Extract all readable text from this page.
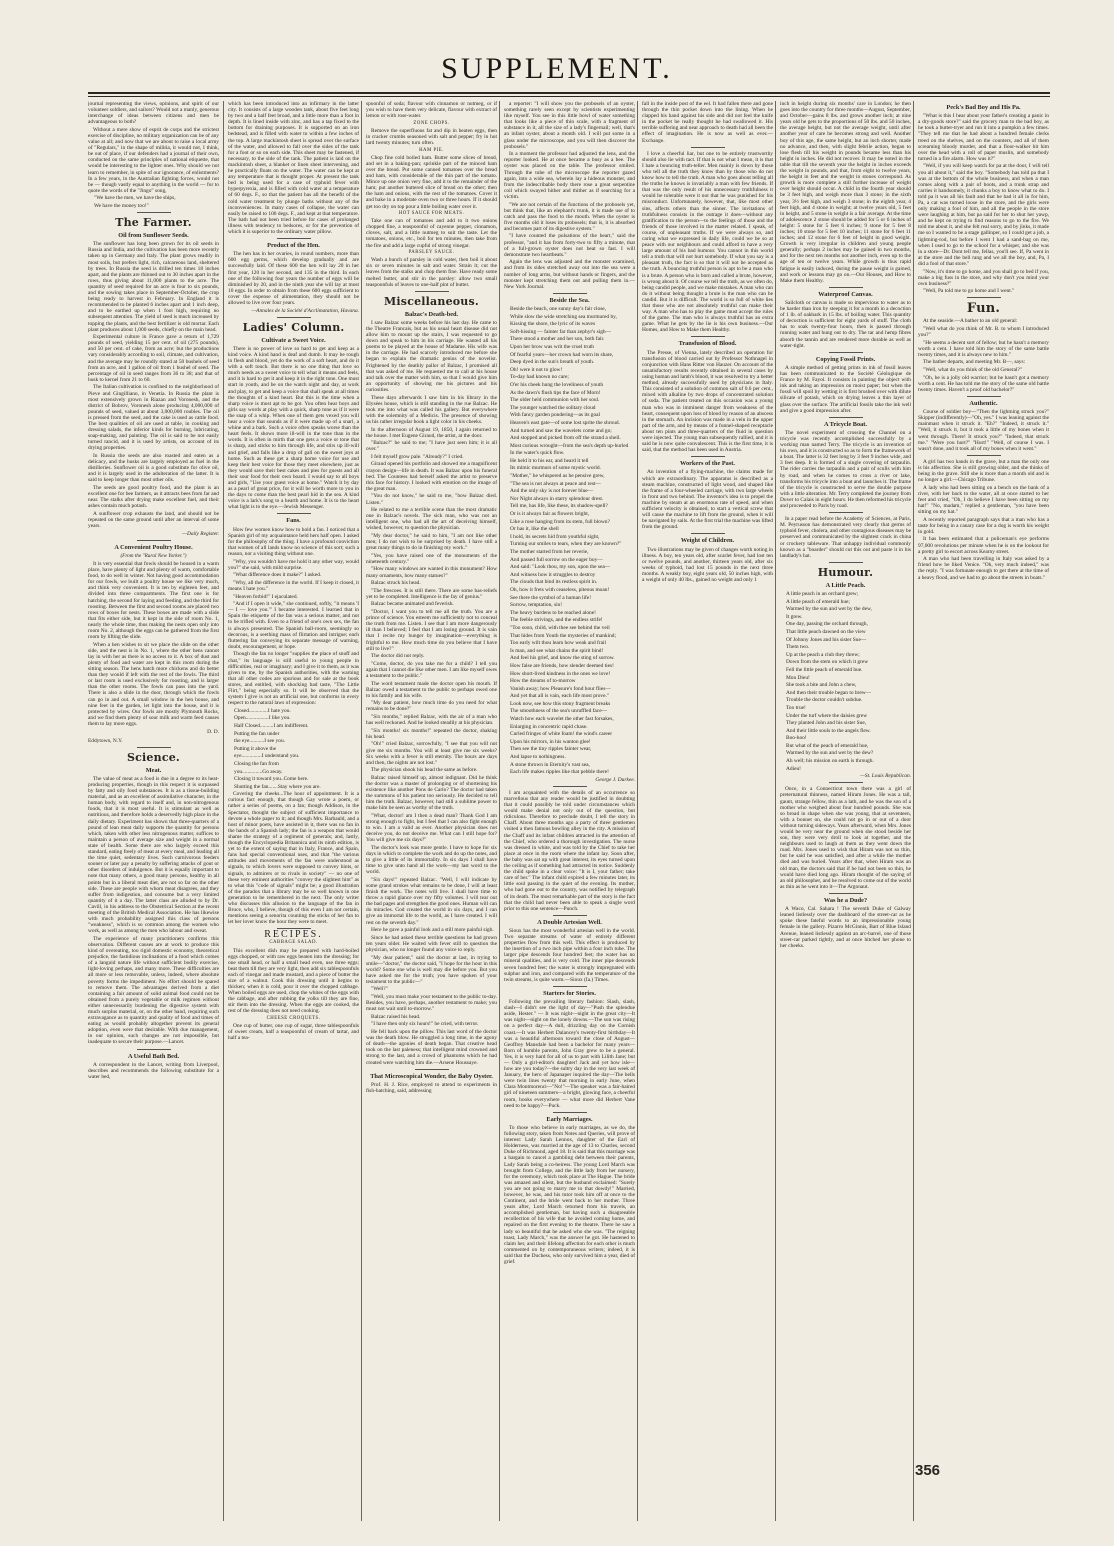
SUPPLEMENT.

journal representing the views, opinions, and spirit of our volunteer soldiers, and sailors? Would not a manly, generous interchange of ideas between citizens and men be advantageous to both?

Without a mere show of esprit de corps and the strictest exercise of discipline, no military organization can be of any value at all; and now that we are about to raise a local army of "Regulars," in the shape of militia, it would not, I think, be out of place, if our defenders had a journal of their own, conducted on the same principles of national etiquette, that would be interesting to the lighter ones. Why should we not learn to remember, in spite of our ignorance, of enlistments? In a few years, in the Australian fighting forces, would not be — though vastly equal to anything in the world — for to quote the words of the "Jingo" song,

"We have the men, we have the ships,

We have the money too!"

The Farmer.
Oil from Sunflower Seeds.

The sunflower has long been grown for its oil seeds in Russia and India, and the cultivation has been more recently taken up in Germany and Italy. The plant grows readily in most soils, but prefers light, rich, calcareous land, sheltered by trees. In Russia the seed is drilled ten times 18 inches apart, and the plants are thinned out to 30 inches apart in the rows, thus giving about 11,000 plants to the acre. The quantity of seed required for an acre is four to six pounds, and the sowing takes place in September-October, the crop being ready to harvest in February. In England it is recommended to be planted 6 inches apart and 1 inch deep, and to be earthed up when 1 foot high, requiring no subsequent attention. The yield of seed is much increased by topping the plants, and the best fertilizer is old mortar. Each plant produces about 1,000 seeds, chiefly on the main head.

Experimental culture in France gave a return of 1,729 pounds of seed, yielding 15 per cent. of oil (275 pounds), and 50 per cent. of cake, from an acre; but the productions vary considerably according to soil, climate, and cultivation, and the average may be roundly stated at 50 bushels of seed from an acre, and 1 gallon of oil from 1 bushel of seed. The percentage of oil in seed ranges from 36 to 38; and that of husk to kernel from 21 to 60.

The Italian cultivation is confined to the neighborhood of Pieve and Gingilliano, in Venetia. In Russia the plant is most extensively grown in Riazan and Voronesh, and the district of Bobrov, Voronesh alone producing 4,000,000 of pounds of seed, valued at about 3,000,000 roubles. The oil is pressed from the seed, and the cake is used as cattle food. The best qualities of oil are used at table, in cooking and dressing salads, the inferior kinds for burning, lubricating, soap-making, and painting. The oil is said to be not easily turned rancid, and it is used by artists, on account of its drying properties.

In Russia the seeds are also roasted and eaten as a delicacy, and the husks are largely employed as fuel in the distilleries. Sunflower oil is a good substitute for olive oil, and it is largely used in the adulteration of the latter. It is said to keep longer than most other oils.

The seeds are good poultry food, and the plant is an excellent one for bee farmers, as it attracts bees from far and near. The stalks after drying make excellent fuel, and their ashes contain much potash.

A sunflower crop exhausts the land, and should not be repeated on the same ground until after an interval of some years.

—Daily Register.

A Convenient Poultry House.
(From the "Rural New Yorker.")

It is very essential that fowls should be housed in a warm place, have plenty of light and plenty of warm, comfortable food, to do well in winter. Not having good accommodation for our fowls, we built a poultry house we like very much, and think very convenient. It is ten by eighteen feet, and divided into three compartments. The first one is for hatching, the second for laying and feeding, and the third for roosting. Between the first and second rooms are placed two rows of boxes for nests. These boxes are made with a slide that fits either side, but it kept in the side of room No. 1, nearly the whole time, thus making the nests open only into room No. 2, although the eggs can be gathered from the first room by lifting the slide.

When a hen wishes to sit we place the slide on the other side, and the nest is in No. 1, where the other hens cannot lay in with her as there is no access to it. A box of dust and plenty of food and water are kept in this room during the sitting season. The hens hatch more chickens and do better than they would if left with the rest of the fowls. The third or last room is used exclusively for roosting, and is larger than the other rooms. The fowls can pass into the yard. There is also a slide in the door, through which the fowls can go in and out. A small window in the hen house, and nine feet in the garden, let light into the house, and it is protected by wires. Our fowls are mostly Plymouth Rocks, and we find them plenty of sour milk and warm feed causes them to lay more eggs.

D. D.

Eddytown, N.Y.

Science.
Meat.

The value of meat as a food is due in a degree to its heat-producing properties, though in this respect it is surpassed by fatty and oily food substances. It is as a tissue-building material, and as an excellent of assimilative character, in the human body, with regard to itself and, in non-nitrogenous foods, that it is most useful. It is stimulant as well as nutritious, and therefore holds a deservedly high place in the daily dietary. Experiment has shown that three-quarters of a pound of lean meat daily supports the quantity for persons which, taken with other less nitrogenous matter, suffices to maintain a person of average size and weight in a normal state of health. Some there are who largely exceed this standard, eating freely of meat at every meal, and leading all the time quiet, sedentary lives. Such carnivorous feeders sooner or later pay a penalty by suffering attacks of gout or other disorders of indulgence. But it is equally important to note that many others, a good many persons, healthy in all points but in a liberal meat diet, are not so far on the other side. These are people with whom meat disagrees, and they suffer from indigestion, and consume but a very limited quantity of it a day. The latter class are alluded to by Dr. Cavill, in his address to the Obstetrical Section at the recent meeting of the British Medical Association. He has likewise with much probability assigned this class of persons "weakness", which is so common among the women who work, as well as among the men who labour and sweat.

The experience of many practitioners confirms this observation. Different causes are at work to produce this kind of overeating, too rigid domestic economy, theoretical prejudice, the fastidious inclinations of a food which comes of a languid nature life without sufficient bodily exercise, light-loving perhaps, and many more. These difficulties are all more or less removable, unless, indeed, where absolute poverty forms the impediment. No effort should be spared to remove them. The advantages derived from a diet containing a fair amount of solid animal food could not be obtained from a purely vegetable or milk regimen without either unnecessarily burdening the digestive system with much surplus material, or, on the other hand, requiring such extravagance as to quantity and quality of food and times of eating as would probably altogether prevent its general adoption, even were that desirable. With due management, in our opinion, such changes are not impossible, but inadequate to secure their purpose.—Lancet.

A Useful Bath Bed.

A correspondent in the Lancet, writing from Liverpool, describes and recommends the following substitute for a water bed,

which has been introduced into an infirmary in the latter city. It consists of a large wooden tank, about five feet long by two and a half feet broad, and a little more than a foot in depth. It is lined inside with zinc, and has a tap fixed to the bottom for draining purposes. It is supported on an iron bedstead, and is filled with water to within a few inches of the top. A large mackintosh sheet is spread over the surface of the water, and allowed to fall over the sides of the tank for a foot or so on each side. This sheet may be fastened, if necessary, to the side of the tank. The patient is laid on the mackintosh sheet, a blanket or linen sheet intervening, and he practically floats on the water. The water can be kept at any temperature that is thought proper. At present the tank bed is being used for a case of typhoid fever with hyperpyrexia, and is filled with cold water at a temperature of 60 degs. F., so that the patient has all the benefit of the cold water treatment by plunge baths without any of the inconveniences. In many cases of collapse, the water can easily be raised to 100 degs. F., and kept at that temperature. The bath had not been tried before for cases of prolonged illness with tendency to bedsores, or for the prevention of which it is superior to the ordinary water pillow.

Product of the Hen.

The hen has in her ovaries, in round numbers, more than 600 egg germs, which develop gradually and are successfully laid. Of these 600 the hen will lay 20 in her first year, 120 in her second, and 135 in the third. In each one of the following four years the number of eggs will be diminished by 20, and in the ninth year she will lay at most 10 eggs. In order to obtain from these 600 eggs sufficient to cover the expense of alimentation, they should not be allowed to live over four years.

—Annales de la Société d'Acclimatation, Havana.

Ladies' Column.
Cultivate a Sweet Voice.

There is no power of love so hard to get and keep as a kind voice. A kind hand is deaf and dumb. It may be rough in flesh and blood, yet do the work of a soft heart, and do it with a soft touch. But there is no one thing that love so much needs as a sweet voice to tell what it means and feels, and it is hard to get it and keep it in the right tone. One must start in youth, and be on the watch night and day, at work and play, to get and keep a voice that shall speak at all times the thoughts of a kind heart. But this is the time when a sharp voice is most apt to be got. You often hear boys and girls say words at play with a quick, sharp tone as if it were the snap of a whip. When one of them gets vexed you will hear a voice that sounds as if it were made up of a snarl, a whine and a bark. Such a voice often speaks worse than the heart feels. It shows more ill-will in the tone than in the words. It is often in mirth that one gets a voice or tone that is sharp, and sticks to him through life, and stirs up ill-will and grief, and falls like a drop of gall on the sweet joys at home. Such as these get a sharp home voice for use and keep their best voice for those they meet elsewhere, just as they would save their best cakes and pies for guests and all their sour food for their own board. I would say to all boys and girls, "Use your guest voice at home." Watch it by day as a pearl of great price, for it will be worth more to you in the days to come than the best pearl hid in the sea. A kind voice is a lark's song to a hearth and home. It is to the heart what light is to the eye.—Jewish Messenger.

Fans.

How few women know how to hold a fan. I noticed that a Spanish girl of my acquaintance held hers half open. I asked for the philosophy of the thing. I have a profound conviction that women of all lands know no science of this sort; such a reason, nor a visiting thing without one.

"Why, you wouldn't have me hold it any other way, would you?" she said, with mild surprise.

"What difference does it make?" I asked.

"Why, all the difference in the world. If I keep it closed, it means I hate you."

"Heaven forbid!" I ejaculated.

"And if I open it wide," she continued, softly, "it means 'I — I — love you.'" I became interested. I learned that in Spain the etiquette of the fan was a serious matter, and not to be trifled with. Even to a friend of one's own sex, the fan is always presented. The Spanish ball-room, seemingly so decorous, is a seething mass of flirtation and intrigue; each fluttering fan conveying its separate message of warning, doubt, encouragement, or hope.

Though the fan no longer "supplies the place of snuff and chat," its language is still useful to young people in difficulties, real or imaginary; and I give it to them, as it was given to me, by the Spanish authorities, with the warning that all other codes are spurious and for sale at the book stores, and entitled, with shocking bad taste, "The Little Flirt," being especially so. It will be observed that the system I give is not an artificial one, but conforms in every respect to the natural laws of expression:

Closed..............I hate you.

Open.................I like you.

Half Closed..........I am indifferent.

Putting the fan under

the eye...........I see you.

Putting it above the

eye...............I understand you.

Closing the fan from

you...............Go away.

Closing it toward you..Come here.

Shutting the fan.......Stay where you are.

Covering the cheeks...The hour of appointment. It is a curious fact enough, that though Gay wrote a poem, or rather a series of poems, on a fan; though Addison, in the Spectator, thought the subject of sufficient importance to devote a whole paper to it; and though Mrs. Barbauld, and a host of minor poets, have assisted in it, there was no fan in the hands of a Spanish lady; the fan is a weapon that would shame the strategy of a regiment of generals; and, lastly, though the Encyclopædia Britannica and its ninth edition, is yet to the extent of saying that in Italy, France, and Spain, fans had special conventional uses, and that "the various attitudes and movements of the fan were understood as signals, to which lovers were supposed to convey hints, or signals, to admirers or to rivals in society" — no one of these very eminent authorities "convey the slightest hint" as to what this "code of signals" might be; a good illustration of the paradox that a library may be so well known in one generation to be remembered in the next. The only writer who discusses this allusion to the language of the fan in Bruce, who, I believe, though of this even I am not certain, mentions seeing a senorita counting the sticks of her fan to let her lover know the hour they were to meet.

RECIPES.
CABBAGE SALAD.

This excellent dish may be prepared with hard-boiled eggs chopped, or with raw eggs beaten into the dressing; for one small head, or half a small head even, use three eggs; beat them till they are very light, then add six tablespoonfuls each of vinegar and made mustard, and a piece of butter the size of a walnut. Cook this dressing until it begins to thicken; when it is cold, pour it over the chopped cabbage. When boiled eggs are used, chop the whites of the eggs with the cabbage, and after rubbing the yolks till they are fine, stir them into the dressing. When the eggs are cooked, the rest of the dressing does not need cooking.

CHEESE CROQUETS.

One cup of butter, one cup of sugar, three tablespoonfuls of sweet cream, half a teaspoonful of cream of tartar, and half a tea-

spoonful of soda; flavour with cinnamon or nutmeg, or if you wish to have them very delicate, flavour with extract of lemon or with rose-water.

ZONE CHOPS.

Remove the superfluous fat and dip in beaten eggs, then in cracker crumbs seasoned with salt and pepper; fry in hot lard twenty minutes; turn often.

HAM PIE.

Chop fine cold boiled ham. Butter some slices of bread, and set in a baking-pan; sprinkle part of the minced ham over the bread. Put some canned tomatoes over the bread and ham, with considerable of the thin part of the tomato. Mince up one onion very fine, add it to the remainder of the ham; put another buttered slice of bread on the other; then the ham and onions, with the rest of the tomatoes. Cover it and bake in a moderate oven two or three hours. If it should get too dry on top pour a little boiling water over it.

HOT SAUCE FOR MEATS.

Take one can of tomatoes and add to it two onions chopped fine, a teaspoonful of cayenne pepper, cinnamon, cloves, salt, and a little nutmeg to suit the taste. Let the tomatoes, onions, etc., boil for ten minutes, then take from the fire and add a large cupful of strong vinegar.

PARSLEY SAUCE.

Wash a bunch of parsley in cold water, then boil it about six or seven minutes in salt and water. Strain it; cut the leaves from the stalks and chop them fine. Have ready some melted butter, and stir in the parsley: allow two small teaspoonfuls of leaves to one-half pint of butter.

Miscellaneous.
Balzac's Death-bed.

I saw Balzac some weeks before his last day. He came to the Theatre Francais, but as his usual heart disease did not allow him to mount up the stairs, I was requested to go down and speak to him in his carriage. He wanted all his poems to be played at the house of Madame. His wife was in the carriage. He had scarcely introduced me before she began to explain the dramatic genius of the novelist. Frightened by the deathly pallor of Balzac, I promised all that was asked of me. He requested me to call at his house and talk over the matter with him, so that I would give him an opportunity of showing me his pictures and his curiosities.

These days afterwards I saw him in his library in the Elysées house, which is still standing in the rue Balzac. He took me into what was called his gallery. But everywhere with the solemnity of a Medicis. The presence of showing us his rather irregular book a light color in his cheeks.

In the afternoon of August 19, 1850, I again returned to the house. I met Eugene Giraud, the artist, at the door.

"Balzac?" he said to me; "I have just seen him; it is all over."

I felt myself grow pale. "Already?" I cried.

Giraud opened his portfolio and showed me a magnificent crayon design—life in death. It was Balzac upon his funeral bed. The Countess had herself asked the artist to preserve this face for history. I looked with emotion on the image of the great man.

"You do not know," he said to me, "how Balzac died. Listen."

He related to me a terrible scene than the most dramatic one in Balzac's novels. The sick man, who was not an intelligent one, who had all the art of deceiving himself, wished, however, to question the physician.

"My dear doctor," he said to him, "I am not like other men; I do not wish to be surprised by death. I have still a great many things to do in finishing my work."

"Yes, you have raised one of the monuments of the nineteenth century."

"How many windows are wanted in this monument? How many ornaments, how many statues?"

Balzac struck his head.

"The frescoes. It is still there. There are some bas-reliefs yet to be completed. Intelligence is the fay of genius."

Balzac became animated and feverish.

"Doctor, I want you to tell me all the truth. You are a prince of science. You esteem me sufficiently not to conceal the truth from me. Listen. I see that I am more dangerously ill than I believed; I feel that I am losing ground. It is vain that I recite my hunger by imagination—everything is frightful to me. How much time do you believe that I have still to live?"

The doctor did not reply.

"Come, doctor, do you take me for a child? I tell you again that I cannot die like other men. I am like myself owes a testament to the public."

The word testament made the doctor open his mouth. If Balzac owed a testament to the public to perhaps owed one to his family and his wife.

"My dear patient, how much time do you need for what remains to be done?"

"Six months," replied Balzac, with the air of a man who has well reckoned. And he looked steadily at his physician.

"Six months! six months!" repeated the doctor, shaking his head.

"Oh!" cried Balzac, sorrowfully, "I see that you will not give me six months. You will at least give me six weeks? Six weeks with a fever is still eternity. The hours are days and then, the nights are not lost."

The physician shook his head the same as before.

Balzac raised himself up, almost indignant. Did he think the doctor was a master of prolonging or of shortening his existence like another Pons de Carlo? The doctor had taken the summons of his patient too seriously. He decided to tell him the truth. Balzac, however, had still a sublime power to make him be seen as worthy of the truth.

"What, doctor! am I then a dead man? Thank God I am strong enough to fight, but I feel that I can also fight enough to win. I am a valid as ever. Another physician does not deceive you, do not deceive me. What can I still hope for? You will give me six days?"

The doctor's look was more gentle. I have to hope for six days in which to complete the work and do up the notes, and to give a little of its immortality. In six days I shall have time to give unto hand all the work—my last word to the world.

"Six days!" repeated Balzac. "Well, I will indicate by some grand strokes what remains to be done, I will at least finish the work. The notes will live. I shall have time to throw a rapid glance over my fifty volumes. I will tear out the bad pages and strengthen the good ones. Human will can do miracles. God created the world in six days, and I can give an immortal life to the world, as I have created. I will rest on the seventh day."

Here he gave a painful look and a still more painful sigh.

Since he had asked these terrible questions he had grown ten years older. He waited with fever still to question the physician, who no longer found any voice to reply.

"My dear patient," said the doctor at last, in trying to smile—"doctor," the doctor said, "I hope for the hour in this world? Some one who is well may die before you. But you have asked me for the truth; you have spoken of your testament to the public—"

"Well?"

"Well, you must make your testament to the public to-day. Besides, you have, perhaps, another testament to make; you must not wait until to-morrow."

Balzac raised his head.

"I have then only six hours!" he cried, with terror.

He fell back upon the pillow. This last word of the doctor was the death blow. He struggled a long time, in the agony of death—the agonies of death began. That creative head took on the last paleness; that intelligent mind crowned and strong to the last, and a crowd of phantoms which he had created were watching him die.—Arsene Houssaye.

That Microscopical Wonder, the Baby Oyster.

Prof. H. J. Rice, employed to attend to experiments in fish-hatching, said, addressing

a reporter: "I will show you the probosels of an oyster, something rarely seen except by scientists experimenting like myself. You see in this little bowl of water something that looks like a piece of thin scale, with a fragment of substance in it, all the size of a lady's fingernail; well, that's an infant oyster, about a month old. I will put some in a glass under the microscope, and you will then discover the probosels."

In a moment the professor had adjusted the lens, and the reporter looked. He at once became a busy as a bee. The oyster was placed on the table. The professor smiled. Through the tube of the microscope the reporter gazed again, into a wide sea, wherein lay a hideous monster, and from the indescribable body there rose a great serpentine coil which swayed hither and thither as if searching for a victim.

"We are not certain of the functions of the probosels yet, but think that, like an elephant's trunk, it is made use of to catch and pass the food to the mouth. When the oyster is five months old it loses its probosels; that is, it is absorbed and becomes part of its digestive system."

"I have counted the pulsations of the heart," said the professor, "and it has from forty-two to fifty a minute, that of a full-grown oyster does not beat so fast. I will demonstrate two heartbeats."

Again the lens was adjusted and the monster examined, and from its sides stretched away out into the sea were a number of long arms, but without hands or fingers, and the monster kept stretching them out and pulling them in.—New York Journal.

Beside the Sea.

Beside the beach, one sunny day's fair close,

While slow the wide stretching sea murmured by,

Kissing the shore, the lyric of its waves

Soft-hissing — fainter far than zephyr's sigh—

There stood a mother and her son, both fair.

Upon her brow was writ the cruel truth

Of fearful years—her crown had worn its share,

Deep dyed in the sun's breath of youth.

Oh! were it not to glow!

To-day had known no care;

O'er his cheek hung the loveliness of youth

As the dawn's flush tips the face of Morn!

The older held communion with her soul.

The younger watched the solitary cloud

With fancy garden pondering—as its goal

Heaven's east gate—of some lost sprite the shroud.

And turned and saw the wavelets come and go;

And stopped and picked from off the strand a shell.

Most curious wrought—from the sea's depth up-hurled

In the water's quick flow.

He held it to his ear, and heard it tell

Its mimic murmurs of some mystic world.

"Mother," he whispered as he pensive grew,

"The sea is not always at peace and rest—

And the only sky is not forever blue—

Nor Night always in starry splendour drest.

Tell me, has life, like these, its shadow-spell?

Or is it always fair as flowers bright,

Like a rose hanging from its stem, full blown?

Or has it, like the shell

I hold, its secrets hid from youthful sight,

Turning our smiles to tears, when they are known?"

The mother started from her reverie,

And passed full sorrow on the eager boy—

And said: "Look thou, my son, upon the sea—

And witness how it struggles to destroy

The clouds that bind its restless spirit in.

Oh, how it frets with ceaseless, piteous moan!

See there the symbol of a human life!

Sorrow, temptation, sin!

The heavy burdens to be reached alone!

The feeble strivings, and the endless strife!

"Too soon, child, with thee see behind the veil

That hides from Youth the mysteries of mankind;

Too early wilt thou learn how weak and frail

Is man, and see what chains the spirit bind!

And feel his grief, and know the sting of sorrow.

How false are friends, how slender deemed ties!

How short-lived kindness in the ones we love!

How the dreams of to-morrow

Vanish away; how Pleasure's fond hour flies—

And yet that all is vain, each life most prove."

Look now, see how this stony fragment breaks

The smoothness of the sea's unruffled face—

Watch how each wavelet the other fast forsakes,

Enlarging in concentric rapid chase.

Curled fringes of white foam! the wind's career

Upon his mirrors, in his wanton glee!

Then see the tiny ripples fainter wear,

And lapse to nothingness.

A stone thrown in Eternity's vast sea,

Each life makes ripples like that pebble there!

George J. Durkee.

I am acquainted with the details of an occurrence so marvellous that any reader would be justified in doubting that it could possibly be told under circumstances which would make denial not only out of the question, but ridiculous. Therefore to preclude doubt, I tell the story in Chaff. About three months ago a party of three gentlemen visited a then famous bowling alley in the city. A mission of the Chaff and its infant children attracted in the attention of the Chief, who ordered a thorough investigation. The nurse was dressed in white, and was told by the Chief to take her place at once in the room where the infant lay. Soon after, the baby was sat up with great interest, its eyes turned upon the ceiling as if something had attracted its notice. Suddenly the child spoke in a clear voice: "It is I, your father; take care of her." The infant child expired a few minutes later, its little soul passing in the quiet of the evening. Its mother, who had gone out to the country, was notified by telegraph of its death. The most remarkable part of the story is the fact that the child had never been able to speak a single word prior to this one sentence—Punch.

A Double Artesian Well.

Sioux has the most wonderful artesian well in the world. Two separate streams of water of entirely different properties flow from this well. This effect is produced by the insertion of a two inch pipe within a four inch tube. The larger pipe descends four hundred feet; the water has no mineral qualities, and is very cold. The inner pipe descends seven hundred feet; the water is strongly impregnated with sulphur and iron, and compared with the temperature of the twin streams, is quite warm.—Sioux (Ia.) Times.

Starters for Stories.

Following the prevailing literary fashion: Slash, slash, slash—I didn't see the light of day—"Push the splendue aside, Hester." — It was night—night in the great city—It was night—night on the lonely downs.—The sun was rising on a perfect day—A dull, drizzling day on the Cornish coast.—It was Herbert Dalancey's twenty-first birthday—It was a beautiful afternoon toward the close of August—Geoffrey Mansdale had been a bachelor for many years—Born of humble parents, John Gray grew to be a general. Yes, it is very hard for all of us to part with Lilith Jane; but — Only a girl-editor's daughter! Jack and yet how isle—how are you today?—the sultry day in the very last week of January, the hero of Japanaper inquired the day—The bells were twin lines twenty that morning in early June, when Clara Montmorenci—"No!"—The speaker was a fair-haired girl of nineteen summers—a bright, glowing face, a cheerful room, books everywhere — what more did Herbert Vane need to be happy?—Puck.

Early Marriages.

To those who believe in early marriages, as we do, the following story, taken from Notes and Queries, will prove of interest: Lady Sarah Lennox, daughter of the Earl of Holderness, was married at the age of 13 to Charles, second Duke of Richmond, aged 18. It is said that this marriage was a bargain to cancel a gambling debt between their parents, Lady Sarah being a co-heiress. The young Lord March was brought from College, and the little lady from her nursery, for the ceremony, which took place at The Hague. The bride was amazed and silent, but the husband exclaimed: "Surely you are not going to marry me to that dowdy!" Married, however, he was, and his tutor took him off at once to the Continent, and the bride went back to her mother. Three years after, Lord March returned from his travels, an accomplished gentleman, but having such a disagreeable recollection of his wife that he avoided coming home, and repaired on the first evening to the theatre. There he saw a lady so beautiful that he asked who she was. "The reigning toast, Lady March," was the answer he got. He hastened to claim her, and their lifelong affection for each other is much commented on by contemporaneous writers; indeed, it is said that the Duchess, who only survived him a year, died of grief.

fall in the inside post of the eel. It had fallen there and gone through the thin pocket down into the lining. When he clapped his hand against his side and did not feel the knife in the pocket he really thought he had swallowed it. His terrible suffering and near approach to death had all been the effect of imagination. He is now as well as ever.—Exchange.

I love a cheerful liar, but one to be entirely trustworthy should also lie with tact. If that is not what I mean, it is that I hate a bouncing truth-teller. Men mainly is down by those who tell all the truth they know than by those who do not know how to tell the truth. A man who goes about telling all the truths he knows is invariably a man with few friends. If that was the only result of his unnecessary truthfulness it would be tolerable were it not that he was punished for his misconduct. Unfortunately, however, that, like most other sins, affects others than the sinner. The invitations of truthfulness consists in the outrage it does—without any gratification to the person—to the feelings of those and the friends of those involved in the matter related. I speak, of course, of unpleasant truths. If we were always so, and caring what we expressed in daily life, could we be so at peace with our neighbours and could afford to have a very large amount of his bad humour. You cannot in this world tell a truth that will not hurt somebody. If what you say is a pleasant truth, the fact is so that it will not be accepted as the truth. A bouncing truthful person is apt to be a man who is a brute. A person who is born and called a brute, however, is wrong about it. Of course we tell the truth, as we often do, being candid people, and we make mistakes. A man who can do it without being thought a brute is the man who can be candid. But it is difficult. The world is so full of white lies that those who are not absolutely truthful can make their way. A man who has to play the game must accept the rules of the game. The man who is always truthful has an extra game. What he gets by the lie is his own business.—Our Homes, and How to Make them Healthy.

Transfusion of Blood.

The Presse, of Vienna, lately described an operation for transfusion of blood carried out by Professor Nothnagel in conjunction with Hans Ritter von Hauzer. On account of the unsatisfactory results recently obtained in several cases by using human and lamb's blood, it was resolved to try a better method, already successfully used by physicians in Italy. This consisted of a solution of common salt of 0.6 per cent., mixed with alkaline by two drops of concentrated solution of soda. The patient treated on this occasion was a young man who was in imminent danger from weakness of the heart, consequent upon loss of blood by reason of an abscess in the stomach. An incision was made in a vein in the upper part of the arm, and by means of a funnel-shaped receptacle about ten pints and three-quarters of the fluid in question were injected. The young man subsequently rallied, and it is said he is now quite convalescent. This is the first time, it is said, that the method has been used in Austria.

Workers of the Past.

An invention of a flying-machine, the claims made for which are extraordinary. The apparatus is described as a steam machine, constructed of light wood, and shaped like the frame of a four-wheeled carriage, with two large wheels in front and two behind. The inventor's idea is to propel the machine by steam at an enormous rate of speed, and when sufficient velocity is obtained, to start a vertical screw that will cause the machine to lift from the ground, when it will be navigated by sails. At the first trial the machine was lifted from the ground.

Weight of Children.

Two illustrations may be given of changes worth noting in illness. A boy, ten years old, after scarlet fever, had lost ten or twelve pounds, and another, thirteen years old, after six weeks of typhoid, had lost 15 pounds in the next three months. A weakly boy, eight years old, 50 inches high, with a weight of only 40 lbs., gained no weight and only 1

inch in height during six months' care in London; he then goes into the country for three months—August, September, and October—gains 8 lbs. and grows another inch; at nine years old he gets to the proportions of 50 lbs. and 50 inches, the average height, but not the average weight, until after another year of care he becomes strong and well. Another boy of this age, the same height, but an inch shorter, made no advance, and then, with slight febrile action, began to lose flesh till his weight in pounds became less than his height in inches. He did not recover. It may be noted in the table that till the seventh year the height in inches exceeds the weight in pounds, and that, from eight to twelve years, the height in feet and the weight in stones correspond. As growth is more complete a still further increase of weight over height should occur. A child in the fourth year should be 3 feet high, and weigh more than 3 stone; in the sixth year, 3½ feet high, and weigh 3 stone; in the eighth year, 4 feet high, and 4 stone in weight; at twelve years old, 5 feet in height, and 5 stone in weight is a fair average. At the time of adolescence 2 stone should be added for 5 or 6 inches of height: 5 stone for 5 feet 6 inches; 9 stone for 5 feet 8 inches; 10 stone for 5 feet 10 inches; 11 stone for 6 feet 11 inches; and 12 stone for 6 feet of height in good weight. Growth is very irregular in children and young people generally; perhaps 2 inches may be gained in two months, and for the next ten months not another inch, even up to the age of ten or twelve years. While growth is thus rapid fatigue is easily induced, during the pause weight is gained, and work or lessons may go on.—Our Houses, and How to Make them Healthy.

Waterproof Canvas.

Sailcloth or canvas is made so impervious to water as to be harder than iron by steeping it for a month in a decoction of 1 lb. of oakbark in 15 lbs. of boiling water. This quantity of decoction is sufficient for eight yards of stuff. The cloth has to soak twenty-four hours, then is passed through running water and hung out to dry. The tar and hemp fibres absorb the tannin and are rendered more durable as well as water-tight.

Copying Fossil Prints.

A simple method of getting prints in ink of fossil leaves has been communicated to the Société Géologique de France by M. Fayol. It consists in painting the object with ink and taking an impression on moist paper; but when the fossil will spoil by wetting it is first brushed over with dilute silicate of potash, which on drying leaves a thin layer of glass over the surface. The artificial fossils take the ink well and give a good impression after.

A Tricycle Boat.

The novel experiment of crossing the Channel on a tricycle was recently accomplished successfully by a working man named Terry. The tricycle is an invention of his own, and it is constructed so as to form the framework of a boat. The latter is 32 feet long by 3 feet 9 inches wide, and 3 feet deep. It is formed of a single covering of tarpaulin. The rider carries the tarpaulin and a pair of sculls with him by road, and when he comes to cross a river or lake, transforms his tricycle into a boat and launches it. The frame of the tricycle is constructed to serve the double purpose with a little alteration. Mr. Terry completed the journey from Dover to Calais in eight hours. He then reformed his tricycle and proceeded to Paris by road.

In a paper read before the Academy of Sciences, at Paris, M. Peyrusson has demonstrated very clearly that germs of typhoid fever, cholera, and other contagious diseases may be preserved and communicated by the slightest crack in china or crockery tableware. That unhappy individual commonly known as a "boarder" should cut this out and paste it in his landlady's hat.

Humour.
A Little Peach.

A little peach in an orchard grew;

A little peach of emerald hue;

Warmed by the sun and wet by the dew,

It grew.

One day, passing the orchard through,

That little peach dawned on the view

Of Johnny Jones and his sister Sue—

Them two.

Up at the peach a club they threw;

Down from the stem on which it grew

Fell the little peach of emerald hue.

Mon Dieu!

She took a bite and John a chew,

And then their trouble began to brew—

Trouble the doctor couldn't subdue.

Too true!

Under the turf where the daisies grew

They planted John and his sister Sue,

And their little souls to the angels flew.

Boo-hoo!

But what of the peach of emerald hue,

Warmed by the sun and wet by the dew?

Ah well; his mission on earth is through.

Adieu!

—St. Louis Republican.

Once, in a Connecticut town there was a girl of preternatural thinness, named Hiram Jones. He was a tall, gaunt, strange fellow, thin as a lath, and he was the son of a mother who weighed about four hundred pounds. She was so broad in shape when she was young, that at seventeen, with a bonnet on, she could not go in or out of a door without turning sideways. Years afterward, when Mrs. Jones would be very near the ground when she stood beside her son, they were very droll to look at together, and the neighbours used to laugh at them as they went down the road. Mrs. Jones used to wish that Hiram was not so thin, but he said he was satisfied, and after a while the mother died and was buried. Years after that, when Hiram was an old man, the doctors said that if he had not been so thin, he would have died long ago. Hiram thought of the saying of an old philosopher, and he resolved to come out of the world as thin as he went into it—The Argonaut.

Was he a Dude?

A Waco, Cal. Sahara ! The seventh Duke of Galway leaned listlessly over the dashboard of the street-car as he spoke these fateful words to an impressionable young female in the gallery. Pizarro McGinnis, Bart of Blue Island Avenue, leaned listlessly against an arc-barrel, one of those street-car parked tightly, and at once hitched her phone to her cheeks.

Peck's Bad Boy and His Pa.

"What is this I hear about your father's creating a panic in a dry-goods store?" said the grocery man to the bad boy, as he took a butter-tryer and run it into a pumpkin a few times. "They tell me that he had about a hundred female clerks treed on the shelves, and on the counters, and all of them screaming bloody murder, and that a floor-walker hit him over the head with a roll of paper muslin, and somebody turned in a fire alarm. How was it?"

"Well, if you will keep watch for pa at the door, I will tell you all about it," said the boy. "Somebody has told pa that I was at the bottom of the whole business, and when a man comes along with a pair of boots, and a trunk strap and carries it handsomely, it chunks a boy to know what to do. I told pa it was all his fault and that he had it all in for him, Pa, a cat was turned loose in the store, and the girls were only making a fool of him, and all the people in the store were laughing at him, but pa said for her to shut her yawp, and he kept on trying to find reasons to go to the fire. We told me about it, and she felt real sorry, and by jinks, it made me so I wanted to be a stage gallinper, so I could get a job, a lightning-rod, but before I went I had a sand-bag on me, when I used to go to the school for a whisper, and she was in a store—Dr. Dont tell me, fellas, you'll see. If, Pa went in at the store and the bell rang and we all the boy, and, Pa, I did a fool of that store."

"Now, it's time to go home, and you shall go to bed if you, make a big fuss in the store, and why don't you mind your own business?"

"Well, Pa told me to go home and I went."

Fun.

At the seaside.—A bather to an old general:

"Well what do you think of Mr. B. to whom I introduced you?"

"He seems a decent sort of fellow; but he hasn't a memory worth a cent. I have told him the story of the same battle twenty times, and it is always new to him."

The bather departs, and meeting Mr. B—, says:

"Well, what do you think of the old General?"

"Oh, he is a jolly old warrior; but he hasn't got a memory worth a cent. He has told me the story of the same old battle twenty times. Haven't a proof old bachelor?"

Authentic.

Course of soldier boy—"Then the lightning struck you?" Skipper (indifferently)—"Oh, yes." I was leaning against the mainmast when it struck it. "Eh?" "Indeed, it struck it." "Well, it struck it, but it took a little of my bones when it went through. There! It struck you?" "Indeed, that struck me." "Were you hurt?" "Hurt!" "Well, of course I was. I wasn't done, and it took all of my bones when it went."

A girl has two hands in the grave, but a man the only one is his affection. She is still growing older, and she thinks of being in the grave. Still she is more than a month old and is no longer a girl.—Chicago Tribune.

A lady who had been sitting on a bench on the bank of a river, with her back to the water, all at once started to her feet and cried, "Oh, I do believe I have been sitting on my hat!" "No, madam," replied a gentleman, "you have been sitting on my hat."

A recently reported paragraph says that a man who has a taste for being in a canary case for a dog is worth his weight in gold.

It has been estimated that a policeman's eye performs 97,000 revolutions per minute when he is on the lookout for a pretty girl to escort across Kearny street.

A man who had been travelling in Italy was asked by a friend how he liked Venice. "Oh, very much indeed," was the reply. "I was fortunate enough to get there at the time of a heavy flood, and we had to go about the streets in boats."

356
